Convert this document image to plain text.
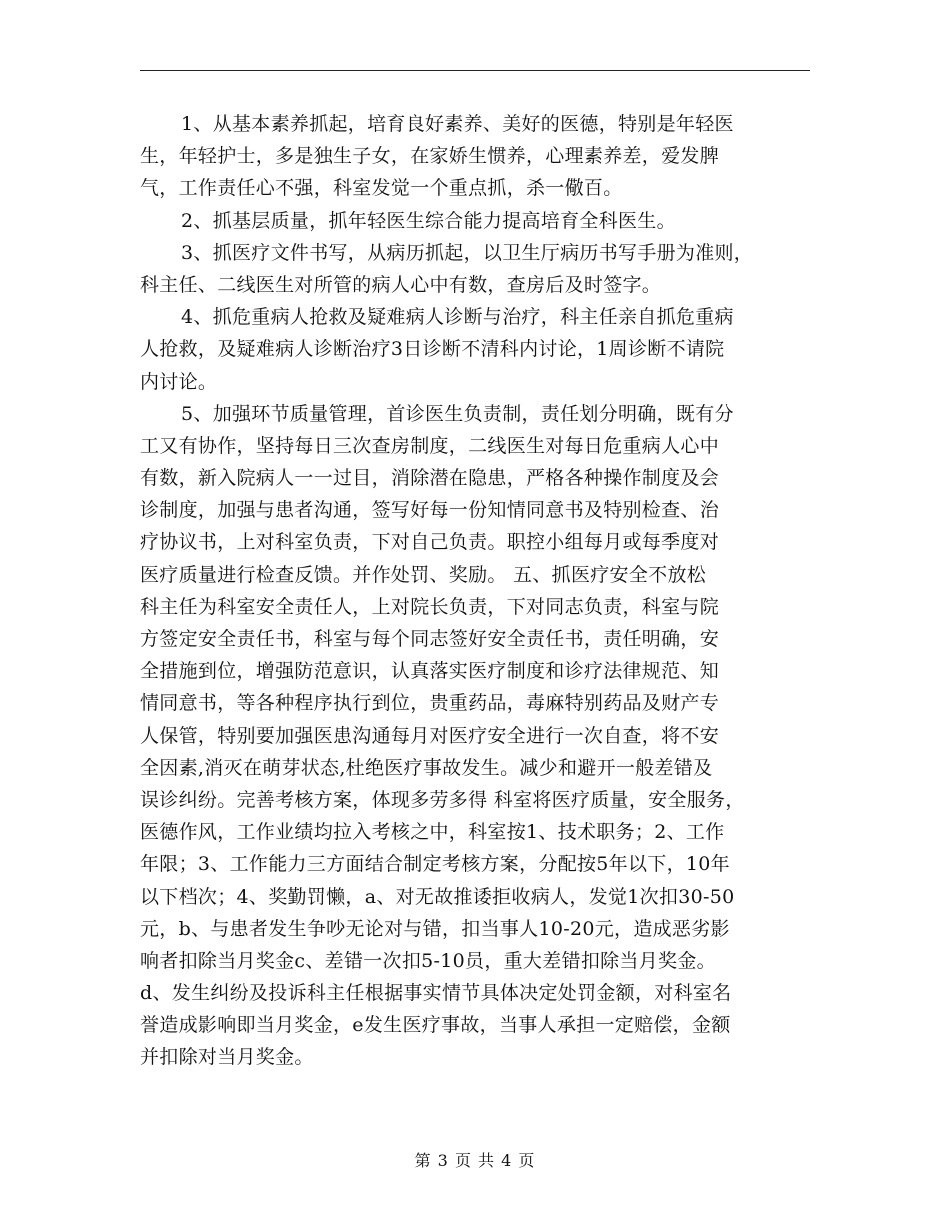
1、从基本素养抓起，培育良好素养、美好的医德，特别是年轻医
生，年轻护士，多是独生子女，在家娇生惯养，心理素养差，爱发脾
气，工作责任心不强，科室发觉一个重点抓，杀一儆百。
2、抓基层质量，抓年轻医生综合能力提高培育全科医生。
3、抓医疗文件书写，从病历抓起，以卫生厅病历书写手册为准则，
科主任、二线医生对所管的病人心中有数，查房后及时签字。
4、抓危重病人抢救及疑难病人诊断与治疗，科主任亲自抓危重病
人抢救，及疑难病人诊断治疗3日诊断不清科内讨论，1周诊断不请院
内讨论。
5、加强环节质量管理，首诊医生负责制，责任划分明确，既有分
工又有协作，坚持每日三次查房制度，二线医生对每日危重病人心中
有数，新入院病人一一过目，消除潜在隐患，严格各种操作制度及会
诊制度，加强与患者沟通，签写好每一份知情同意书及特别检查、治
疗协议书，上对科室负责，下对自己负责。职控小组每月或每季度对
医疗质量进行检查反馈。并作处罚、奖励。 五、抓医疗安全不放松
科主任为科室安全责任人，上对院长负责，下对同志负责，科室与院
方签定安全责任书，科室与每个同志签好安全责任书，责任明确，安
全措施到位，增强防范意识，认真落实医疗制度和诊疗法律规范、知
情同意书，等各种程序执行到位，贵重药品，毒麻特别药品及财产专
人保管，特别要加强医患沟通每月对医疗安全进行一次自查，将不安
全因素,消灭在萌芽状态,杜绝医疗事故发生。减少和避开一般差错及
误诊纠纷。完善考核方案，体现多劳多得 科室将医疗质量，安全服务，
医德作风，工作业绩均拉入考核之中，科室按1、技术职务；2、工作
年限；3、工作能力三方面结合制定考核方案，分配按5年以下，10年
以下档次；4、奖勤罚懒，a、对无故推诿拒收病人，发觉1次扣30-50
元，b、与患者发生争吵无论对与错，扣当事人10-20元，造成恶劣影
响者扣除当月奖金c、差错一次扣5-10员，重大差错扣除当月奖金。
d、发生纠纷及投诉科主任根据事实情节具体决定处罚金额，对科室名
誉造成影响即当月奖金，e发生医疗事故，当事人承担一定赔偿，金额
并扣除对当月奖金。
第 3 页 共 4 页
